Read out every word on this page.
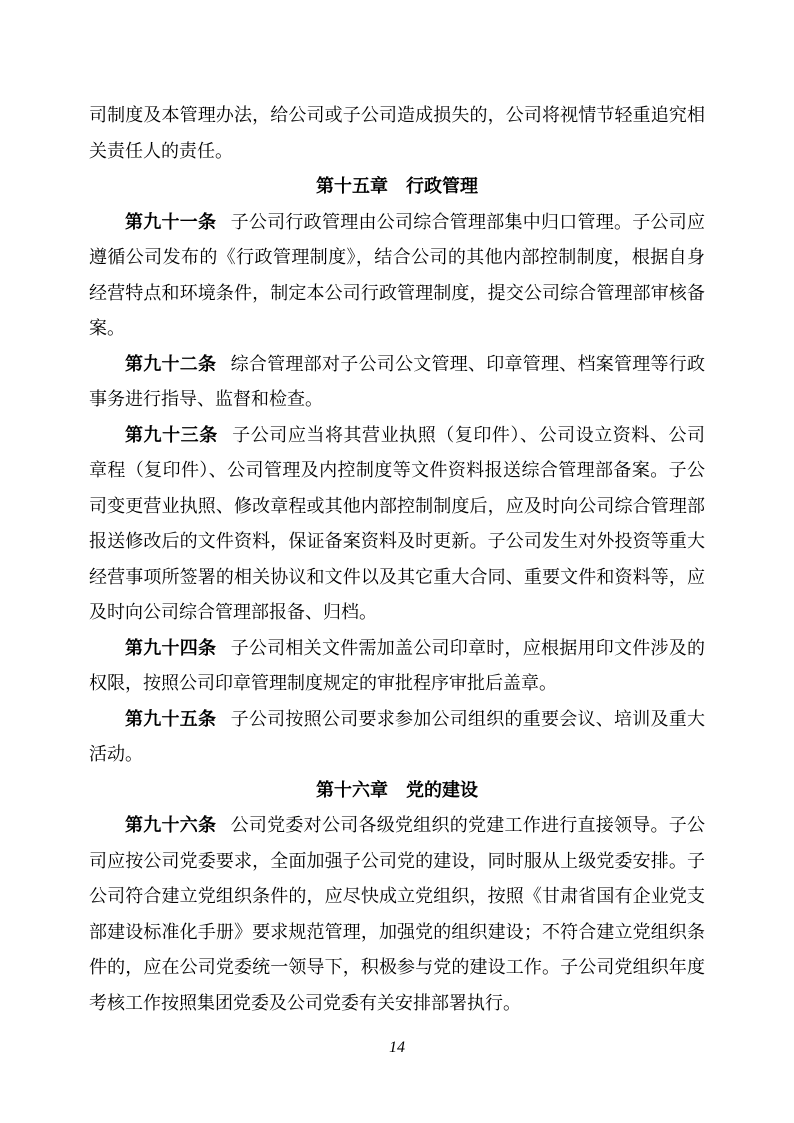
司制度及本管理办法，给公司或子公司造成损失的，公司将视情节轻重追究相关责任人的责任。

第十五章　行政管理

第九十一条 子公司行政管理由公司综合管理部集中归口管理。子公司应遵循公司发布的《行政管理制度》，结合公司的其他内部控制制度，根据自身经营特点和环境条件，制定本公司行政管理制度，提交公司综合管理部审核备案。

第九十二条 综合管理部对子公司公文管理、印章管理、档案管理等行政事务进行指导、监督和检查。

第九十三条 子公司应当将其营业执照（复印件）、公司设立资料、公司章程（复印件）、公司管理及内控制度等文件资料报送综合管理部备案。子公司变更营业执照、修改章程或其他内部控制制度后，应及时向公司综合管理部报送修改后的文件资料，保证备案资料及时更新。子公司发生对外投资等重大经营事项所签署的相关协议和文件以及其它重大合同、重要文件和资料等，应及时向公司综合管理部报备、归档。

第九十四条 子公司相关文件需加盖公司印章时，应根据用印文件涉及的权限，按照公司印章管理制度规定的审批程序审批后盖章。

第九十五条 子公司按照公司要求参加公司组织的重要会议、培训及重大活动。

第十六章　党的建设

第九十六条 公司党委对公司各级党组织的党建工作进行直接领导。子公司应按公司党委要求，全面加强子公司党的建设，同时服从上级党委安排。子公司符合建立党组织条件的，应尽快成立党组织，按照《甘肃省国有企业党支部建设标准化手册》要求规范管理，加强党的组织建设；不符合建立党组织条件的，应在公司党委统一领导下，积极参与党的建设工作。子公司党组织年度考核工作按照集团党委及公司党委有关安排部署执行。

14
